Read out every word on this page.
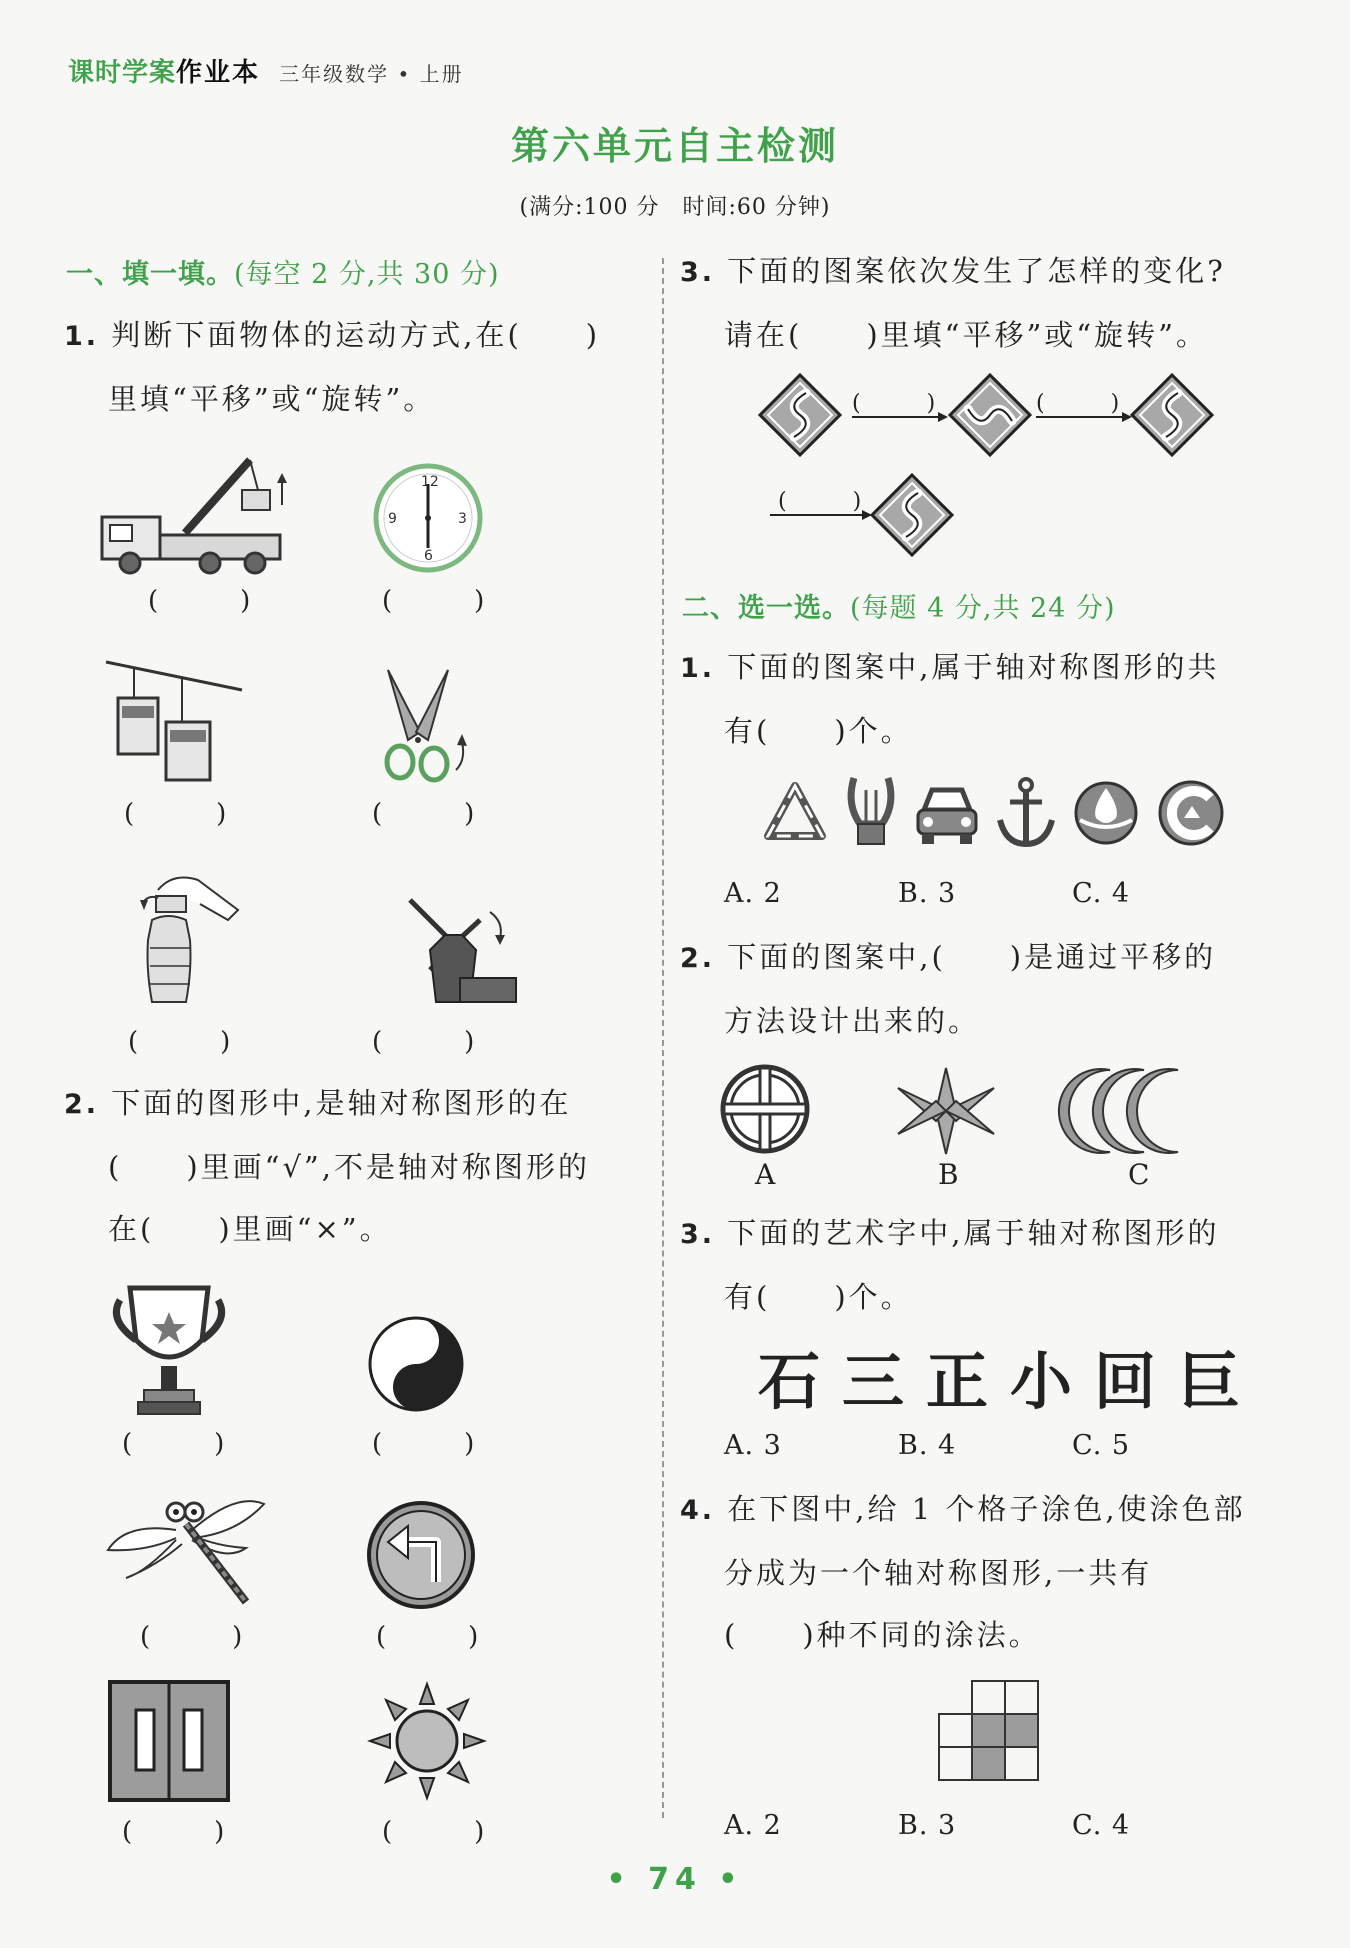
课时学案作业本 三年级数学 • 上册
第六单元自主检测
(满分:100 分　时间:60 分钟)
一、填一填。(每空 2 分,共 30 分)
1. 判断下面物体的运动方式,在(　　)
里填“平移”或“旋转”。
(　)
12
3
6
9
(　)
(　)	(　)
(　)	(　)
2. 下面的图形中,是轴对称图形的在
(　　)里画“√”,不是轴对称图形的
在(　　)里画“×”。
(　)	(　)
(　)	(　)
(　)	(　)
3. 下面的图案依次发生了怎样的变化?
请在(　　)里填“平移”或“旋转”。
(　)	(　)
(　)
二、选一选。(每题 4 分,共 24 分)
1. 下面的图案中,属于轴对称图形的共
有(　　)个。
A. 2	B. 3	C. 4
2. 下面的图案中,(　　)是通过平移的
方法设计出来的。
A	B	C
3. 下面的艺术字中,属于轴对称图形的
有(　　)个。
石三正小回巨
A. 3	B. 4	C. 5
4. 在下图中,给 1 个格子涂色,使涂色部
分成为一个轴对称图形,一共有
(　　)种不同的涂法。
A. 2	B. 3	C. 4
• 74 •
